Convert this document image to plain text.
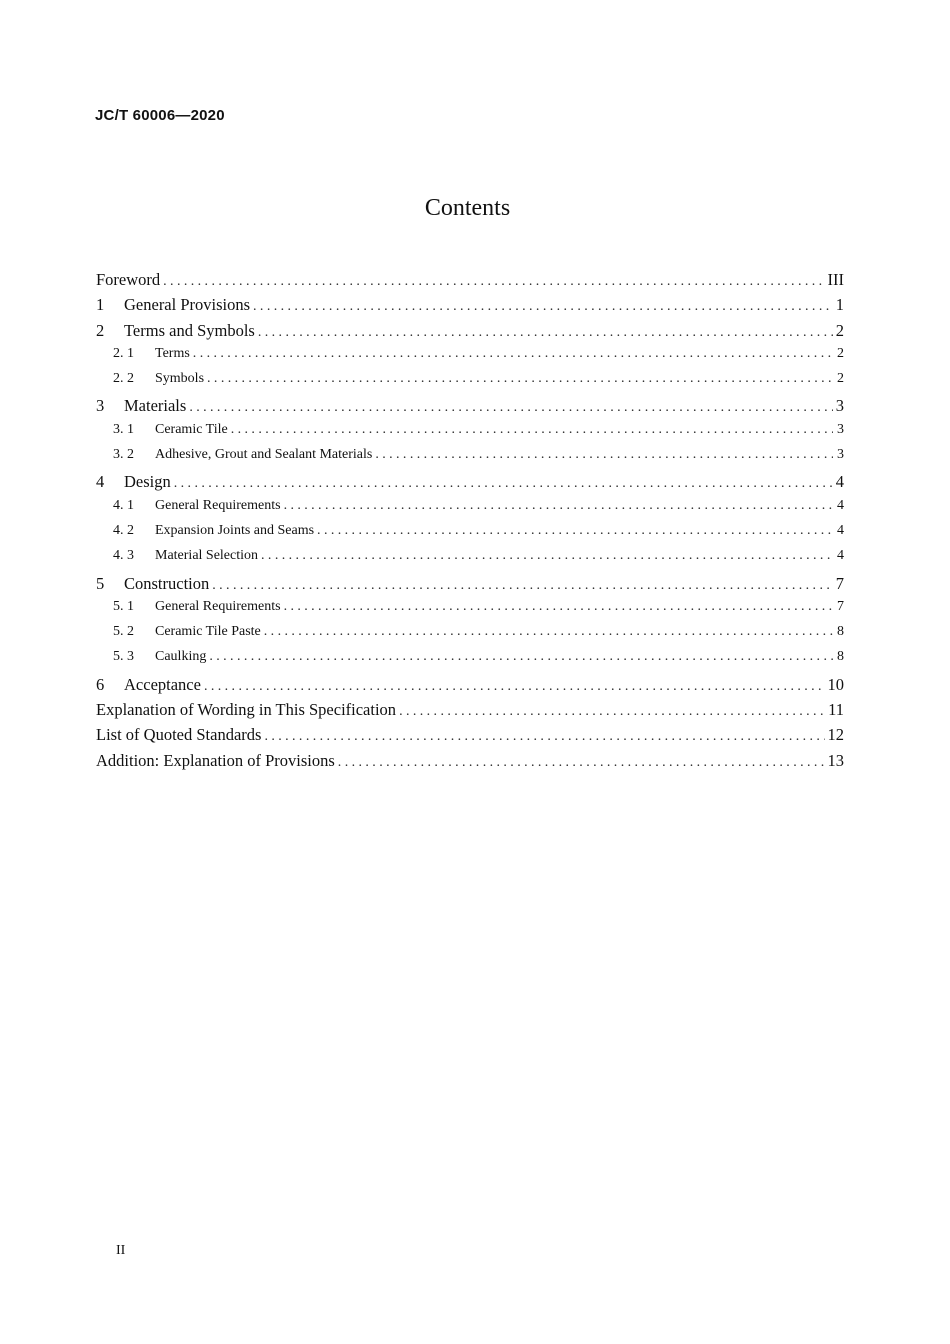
JC/T 60006—2020
Contents
Foreword .....	III
1	General Provisions .....	1
2	Terms and Symbols .....	2
2. 1	Terms .....	2
2. 2	Symbols .....	2
3	Materials .....	3
3. 1	Ceramic Tile .....	3
3. 2	Adhesive, Grout and Sealant Materials .....	3
4	Design .....	4
4. 1	General Requirements .....	4
4. 2	Expansion Joints and Seams .....	4
4. 3	Material Selection .....	4
5	Construction .....	7
5. 1	General Requirements .....	7
5. 2	Ceramic Tile Paste .....	8
5. 3	Caulking .....	8
6	Acceptance .....	10
Explanation of Wording in This Specification .....	11
List of Quoted Standards .....	12
Addition: Explanation of Provisions .....	13
II
